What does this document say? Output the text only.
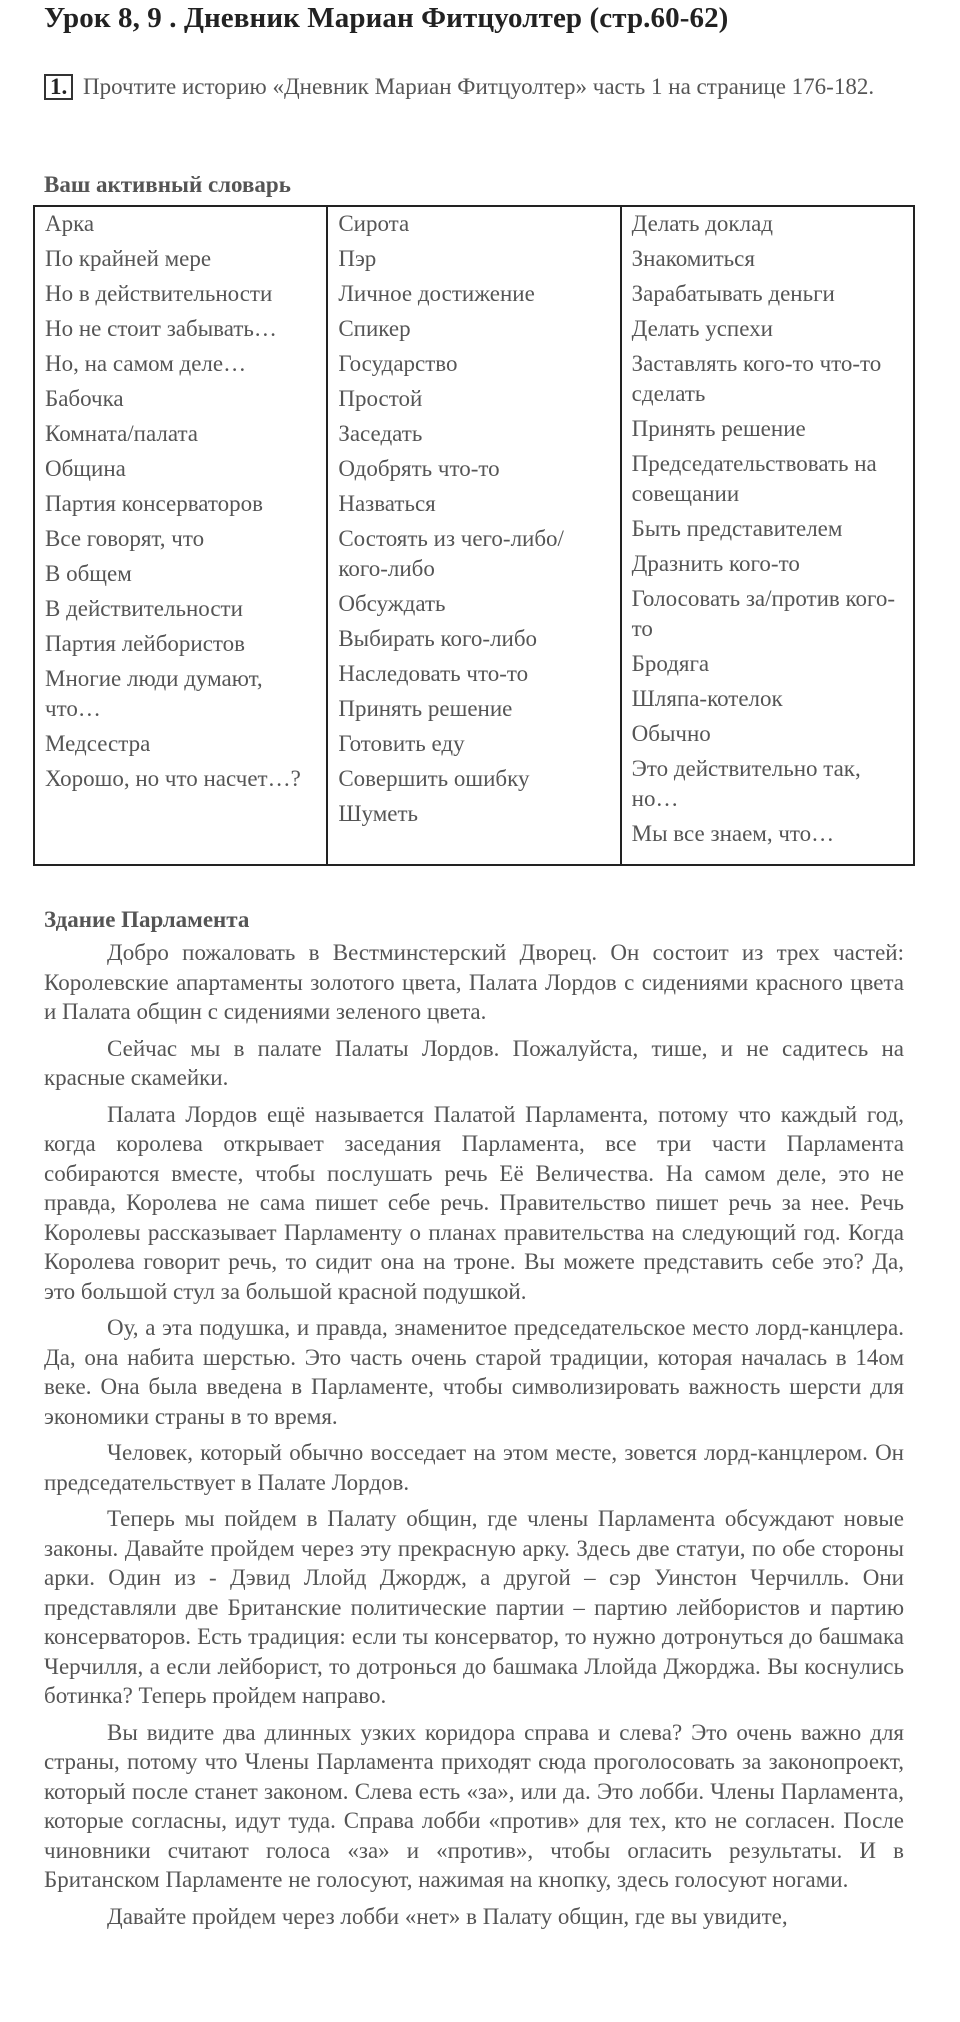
Урок 8, 9 . Дневник Мариан Фитцуолтер (стр.60-62)
1. Прочтите историю «Дневник Мариан Фитцуолтер» часть 1 на странице 176-182.
Ваш активный словарь
Арка
По крайней мере
Но в действительности
Но не стоит забывать…
Но, на самом деле…
Бабочка
Комната/палата
Община
Партия консерваторов
Все говорят, что
В общем
В действительности
Партия лейбористов
Многие люди думают, что…
Медсестра
Хорошо, но что насчет…?
Сирота
Пэр
Личное достижение
Спикер
Государство
Простой
Заседать
Одобрять что-то
Назваться
Состоять из чего-либо/кого-либо
Обсуждать
Выбирать кого-либо
Наследовать что-то
Принять решение
Готовить еду
Совершить ошибку
Шуметь
Делать доклад
Знакомиться
Зарабатывать деньги
Делать успехи
Заставлять кого-то что-то сделать
Принять решение
Председательствовать на совещании
Быть представителем
Дразнить кого-то
Голосовать за/против кого-то
Бродяга
Шляпа-котелок
Обычно
Это действительно так, но…
Мы все знаем, что…
Здание Парламента

Добро пожаловать в Вестминстерский Дворец. Он состоит из трех частей: Королевские апартаменты золотого цвета, Палата Лордов с сидениями красного цвета и Палата общин с сидениями зеленого цвета.

Сейчас мы в палате Палаты Лордов. Пожалуйста, тише, и не садитесь на красные скамейки.

Палата Лордов ещё называется Палатой Парламента, потому что каждый год, когда королева открывает заседания Парламента, все три части Парламента собираются вместе, чтобы послушать речь Её Величества. На самом деле, это не правда, Королева не сама пишет себе речь. Правительство пишет речь за нее. Речь Королевы рассказывает Парламенту о планах правительства на следующий год. Когда Королева говорит речь, то сидит она на троне. Вы можете представить себе это? Да, это большой стул за большой красной подушкой.

Оу, а эта подушка, и правда, знаменитое председательское место лорд-канцлера. Да, она набита шерстью. Это часть очень старой традиции, которая началась в 14ом веке. Она была введена в Парламенте, чтобы символизировать важность шерсти для экономики страны в то время.

Человек, который обычно восседает на этом месте, зовется лорд-канцлером. Он председательствует в Палате Лордов.

Теперь мы пойдем в Палату общин, где члены Парламента обсуждают новые законы. Давайте пройдем через эту прекрасную арку. Здесь две статуи, по обе стороны арки. Один из - Дэвид Ллойд Джордж, а другой – сэр Уинстон Черчилль. Они представляли две Британские политические партии – партию лейбористов и партию консерваторов. Есть традиция: если ты консерватор, то нужно дотронуться до башмака Черчилля, а если лейборист, то дотронься до башмака Ллойда Джорджа. Вы коснулись ботинка? Теперь пройдем направо.

Вы видите два длинных узких коридора справа и слева? Это очень важно для страны, потому что Члены Парламента приходят сюда проголосовать за законопроект, который после станет законом. Слева есть «за», или да. Это лобби. Члены Парламента, которые согласны, идут туда. Справа лобби «против» для тех, кто не согласен. После чиновники считают голоса «за» и «против», чтобы огласить результаты. И в Британском Парламенте не голосуют, нажимая на кнопку, здесь голосуют ногами.

Давайте пройдем через лобби «нет» в Палату общин, где вы увидите,
